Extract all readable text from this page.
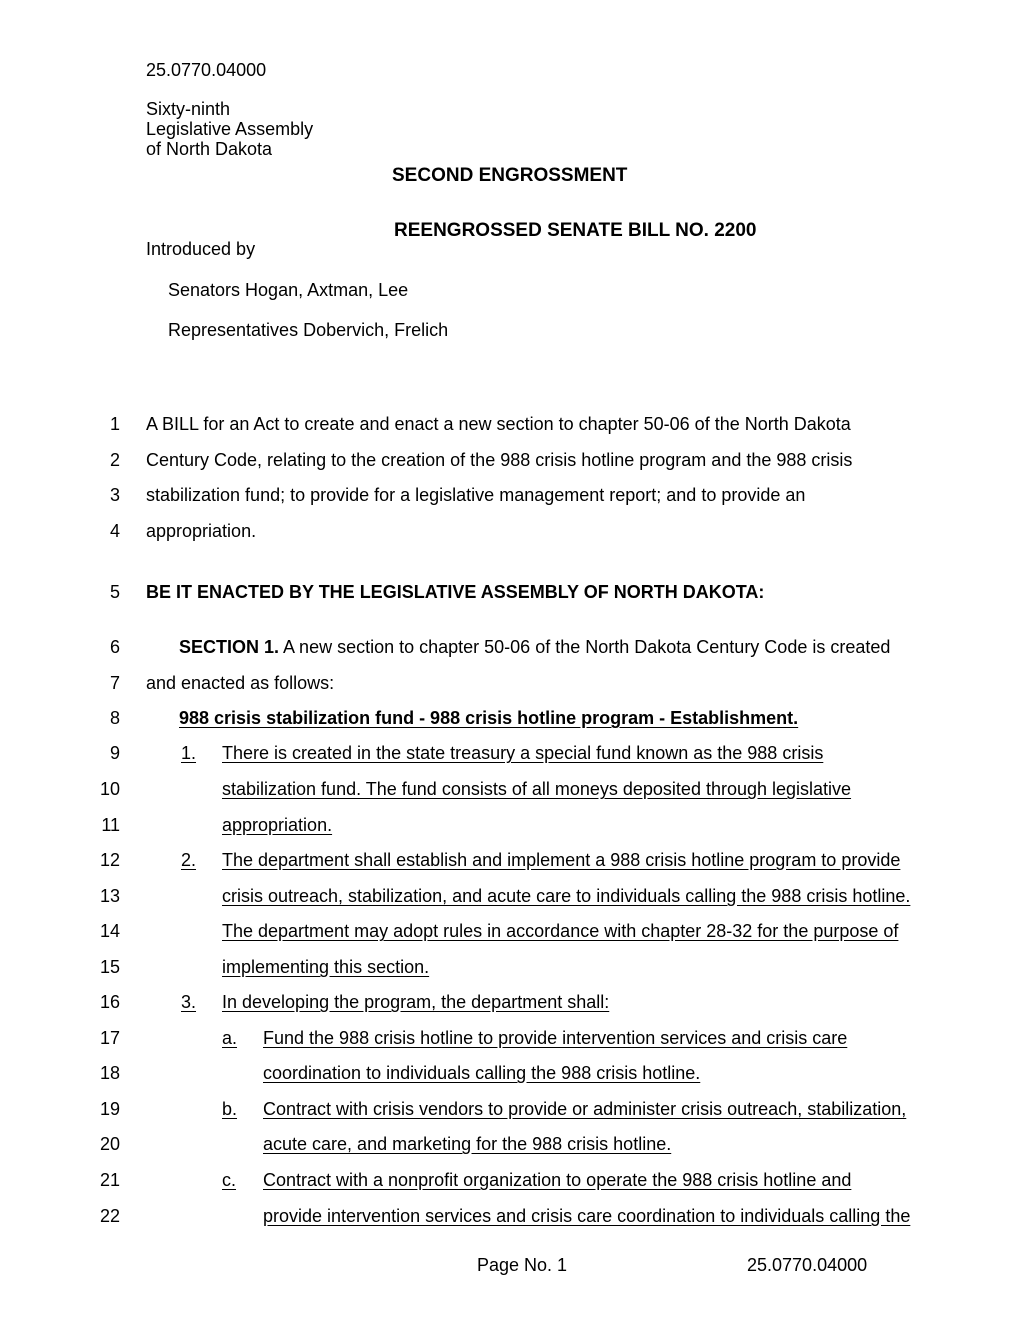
25.0770.04000
Sixty-ninth
Legislative Assembly
of North Dakota
SECOND ENGROSSMENT
REENGROSSED SENATE BILL NO. 2200
Introduced by
Senators Hogan, Axtman, Lee
Representatives Dobervich, Frelich
1
2
3
4
5
6
7
8
9
10
11
12
13
14
15
16
17
18
19
20
21
22
A BILL for an Act to create and enact a new section to chapter 50-06 of the North Dakota
Century Code, relating to the creation of the 988 crisis hotline program and the 988 crisis
stabilization fund; to provide for a legislative management report; and to provide an
appropriation.
BE IT ENACTED BY THE LEGISLATIVE ASSEMBLY OF NORTH DAKOTA:
SECTION 1. A new section to chapter 50-06 of the North Dakota Century Code is created
and enacted as follows:
988 crisis stabilization fund - 988 crisis hotline program - Establishment.
1. There is created in the state treasury a special fund known as the 988 crisis
stabilization fund. The fund consists of all moneys deposited through legislative
appropriation.
2. The department shall establish and implement a 988 crisis hotline program to provide
crisis outreach, stabilization, and acute care to individuals calling the 988 crisis hotline.
The department may adopt rules in accordance with chapter 28-32 for the purpose of
implementing this section.
3. In developing the program, the department shall:
a. Fund the 988 crisis hotline to provide intervention services and crisis care
coordination to individuals calling the 988 crisis hotline.
b. Contract with crisis vendors to provide or administer crisis outreach, stabilization,
acute care, and marketing for the 988 crisis hotline.
c. Contract with a nonprofit organization to operate the 988 crisis hotline and
provide intervention services and crisis care coordination to individuals calling the
Page No. 1	25.0770.04000
